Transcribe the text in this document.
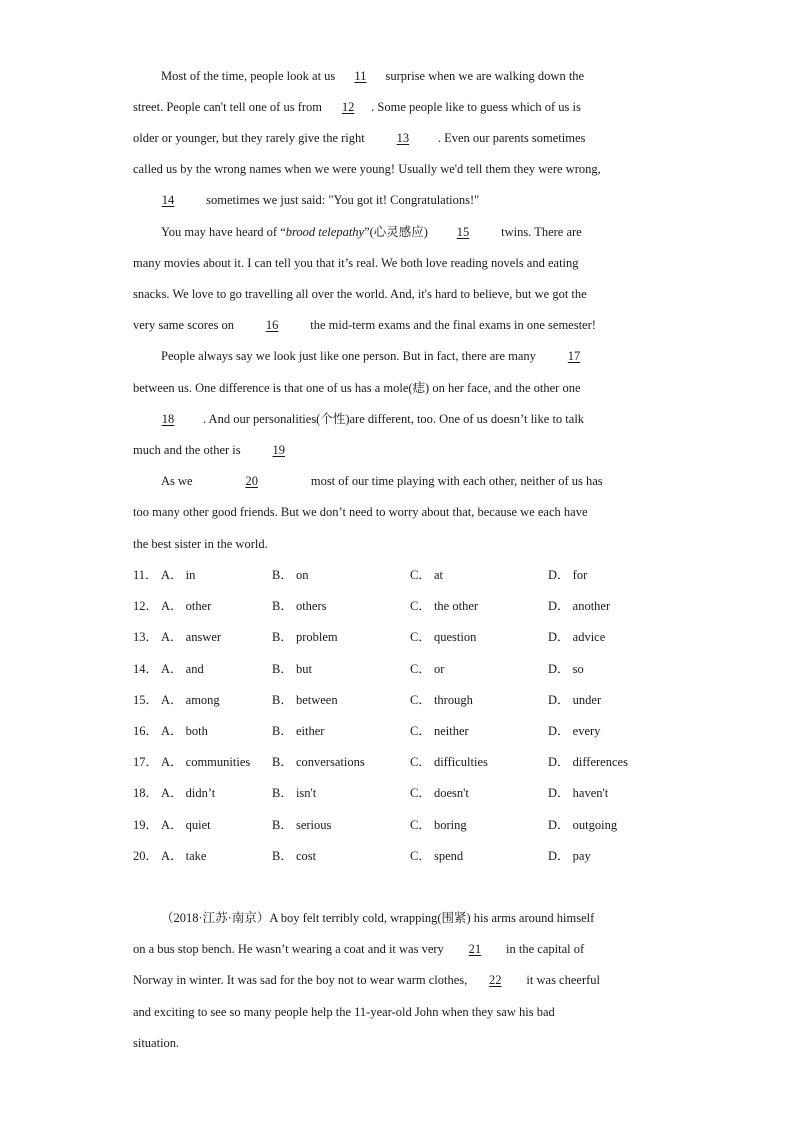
Most of the time, people look at us 11 surprise when we are walking down the
street. People can't tell one of us from 12 . Some people like to guess which of us is
older or younger, but they rarely give the right 13 . Even our parents sometimes
called us by the wrong names when we were young! Usually we'd tell them they were wrong,
14 sometimes we just said: "You got it! Congratulations!"
You may have heard of “brood telepathy”(心灵感应) 15 twins. There are
many movies about it. I can tell you that it’s real. We both love reading novels and eating
snacks. We love to go travelling all over the world. And, it's hard to believe, but we got the
very same scores on 16 the mid-term exams and the final exams in one semester!
People always say we look just like one person. But in fact, there are many 17
between us. One difference is that one of us has a mole(痣) on her face, and the other one
18 . And our personalities(个性)are different, too. One of us doesn’t like to talk
much and the other is 19
As we	20	most of our time playing with each other, neither of us has
too many other good friends. But we don’t need to worry about that, because we each have
the best sister in the world.
11． A． in	B． on	C． at	D． for
12． A． other	B． others	C． the other	D． another
13． A． answer	B． problem	C． question	D． advice
14． A． and	B． but	C． or	D． so
15． A． among	B． between	C． through	D． under
16． A． both	B． either	C． neither	D． every
17． A． communities B． conversations	C． difficulties	D． differences
18． A． didn’t	B． isn't	C． doesn't	D． haven't
19． A． quiet	B． serious	C． boring	D． outgoing
20． A． take	B． cost	C． spend	D． pay
（2018·江苏·南京）A boy felt terribly cold, wrapping(围紧) his arms around himself
on a bus stop bench. He wasn’t wearing a coat and it was very 21 in the capital of
Norway in winter. It was sad for the boy not to wear warm clothes, 22 it was cheerful
and exciting to see so many people help the 11-year-old John when they saw his bad
situation.
